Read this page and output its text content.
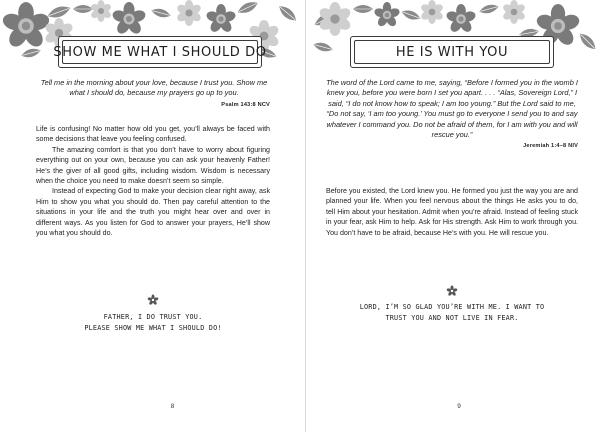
SHOW ME WHAT I SHOULD DO
Tell me in the morning about your love, because I trust you. Show me what I should do, because my prayers go up to you.
Psalm 143:8 NCV

Life is confusing! No matter how old you get, you’ll always be faced with some decisions that leave you feeling confused.

The amazing comfort is that you don’t have to worry about figuring everything out on your own, because you can ask your heavenly Father! He’s the giver of all good gifts, including wisdom. Wisdom is necessary when the choice you need to make doesn’t seem so simple.

Instead of expecting God to make your decision clear right away, ask Him to show you what you should do. Then pay careful attention to the situations in your life and the truth you might hear over and over in different ways. As you listen for God to answer your prayers, He’ll show you what you should do.

FATHER, I DO TRUST YOU.
PLEASE SHOW ME WHAT I SHOULD DO!
8
HE IS WITH YOU
The word of the Lord came to me, saying, “Before I formed you in the womb I knew you, before you were born I set you apart. . . . “Alas, Sovereign Lord,” I said, “I do not know how to speak; I am too young.” But the Lord said to me, “Do not say, ‘I am too young.’ You must go to everyone I send you to and say whatever I command you. Do not be afraid of them, for I am with you and will rescue you.”
Jeremiah 1:4–8 NIV

Before you existed, the Lord knew you. He formed you just the way you are and planned your life. When you feel nervous about the things He asks you to do, tell Him about your hesitation. Admit when you’re afraid. Instead of feeling stuck in your fear, ask Him to help. Ask for His strength. Ask Him to work through you. You don’t have to be afraid, because He’s with you. He will rescue you.

LORD, I’M SO GLAD YOU’RE WITH ME. I WANT TO
TRUST YOU AND NOT LIVE IN FEAR.
9
